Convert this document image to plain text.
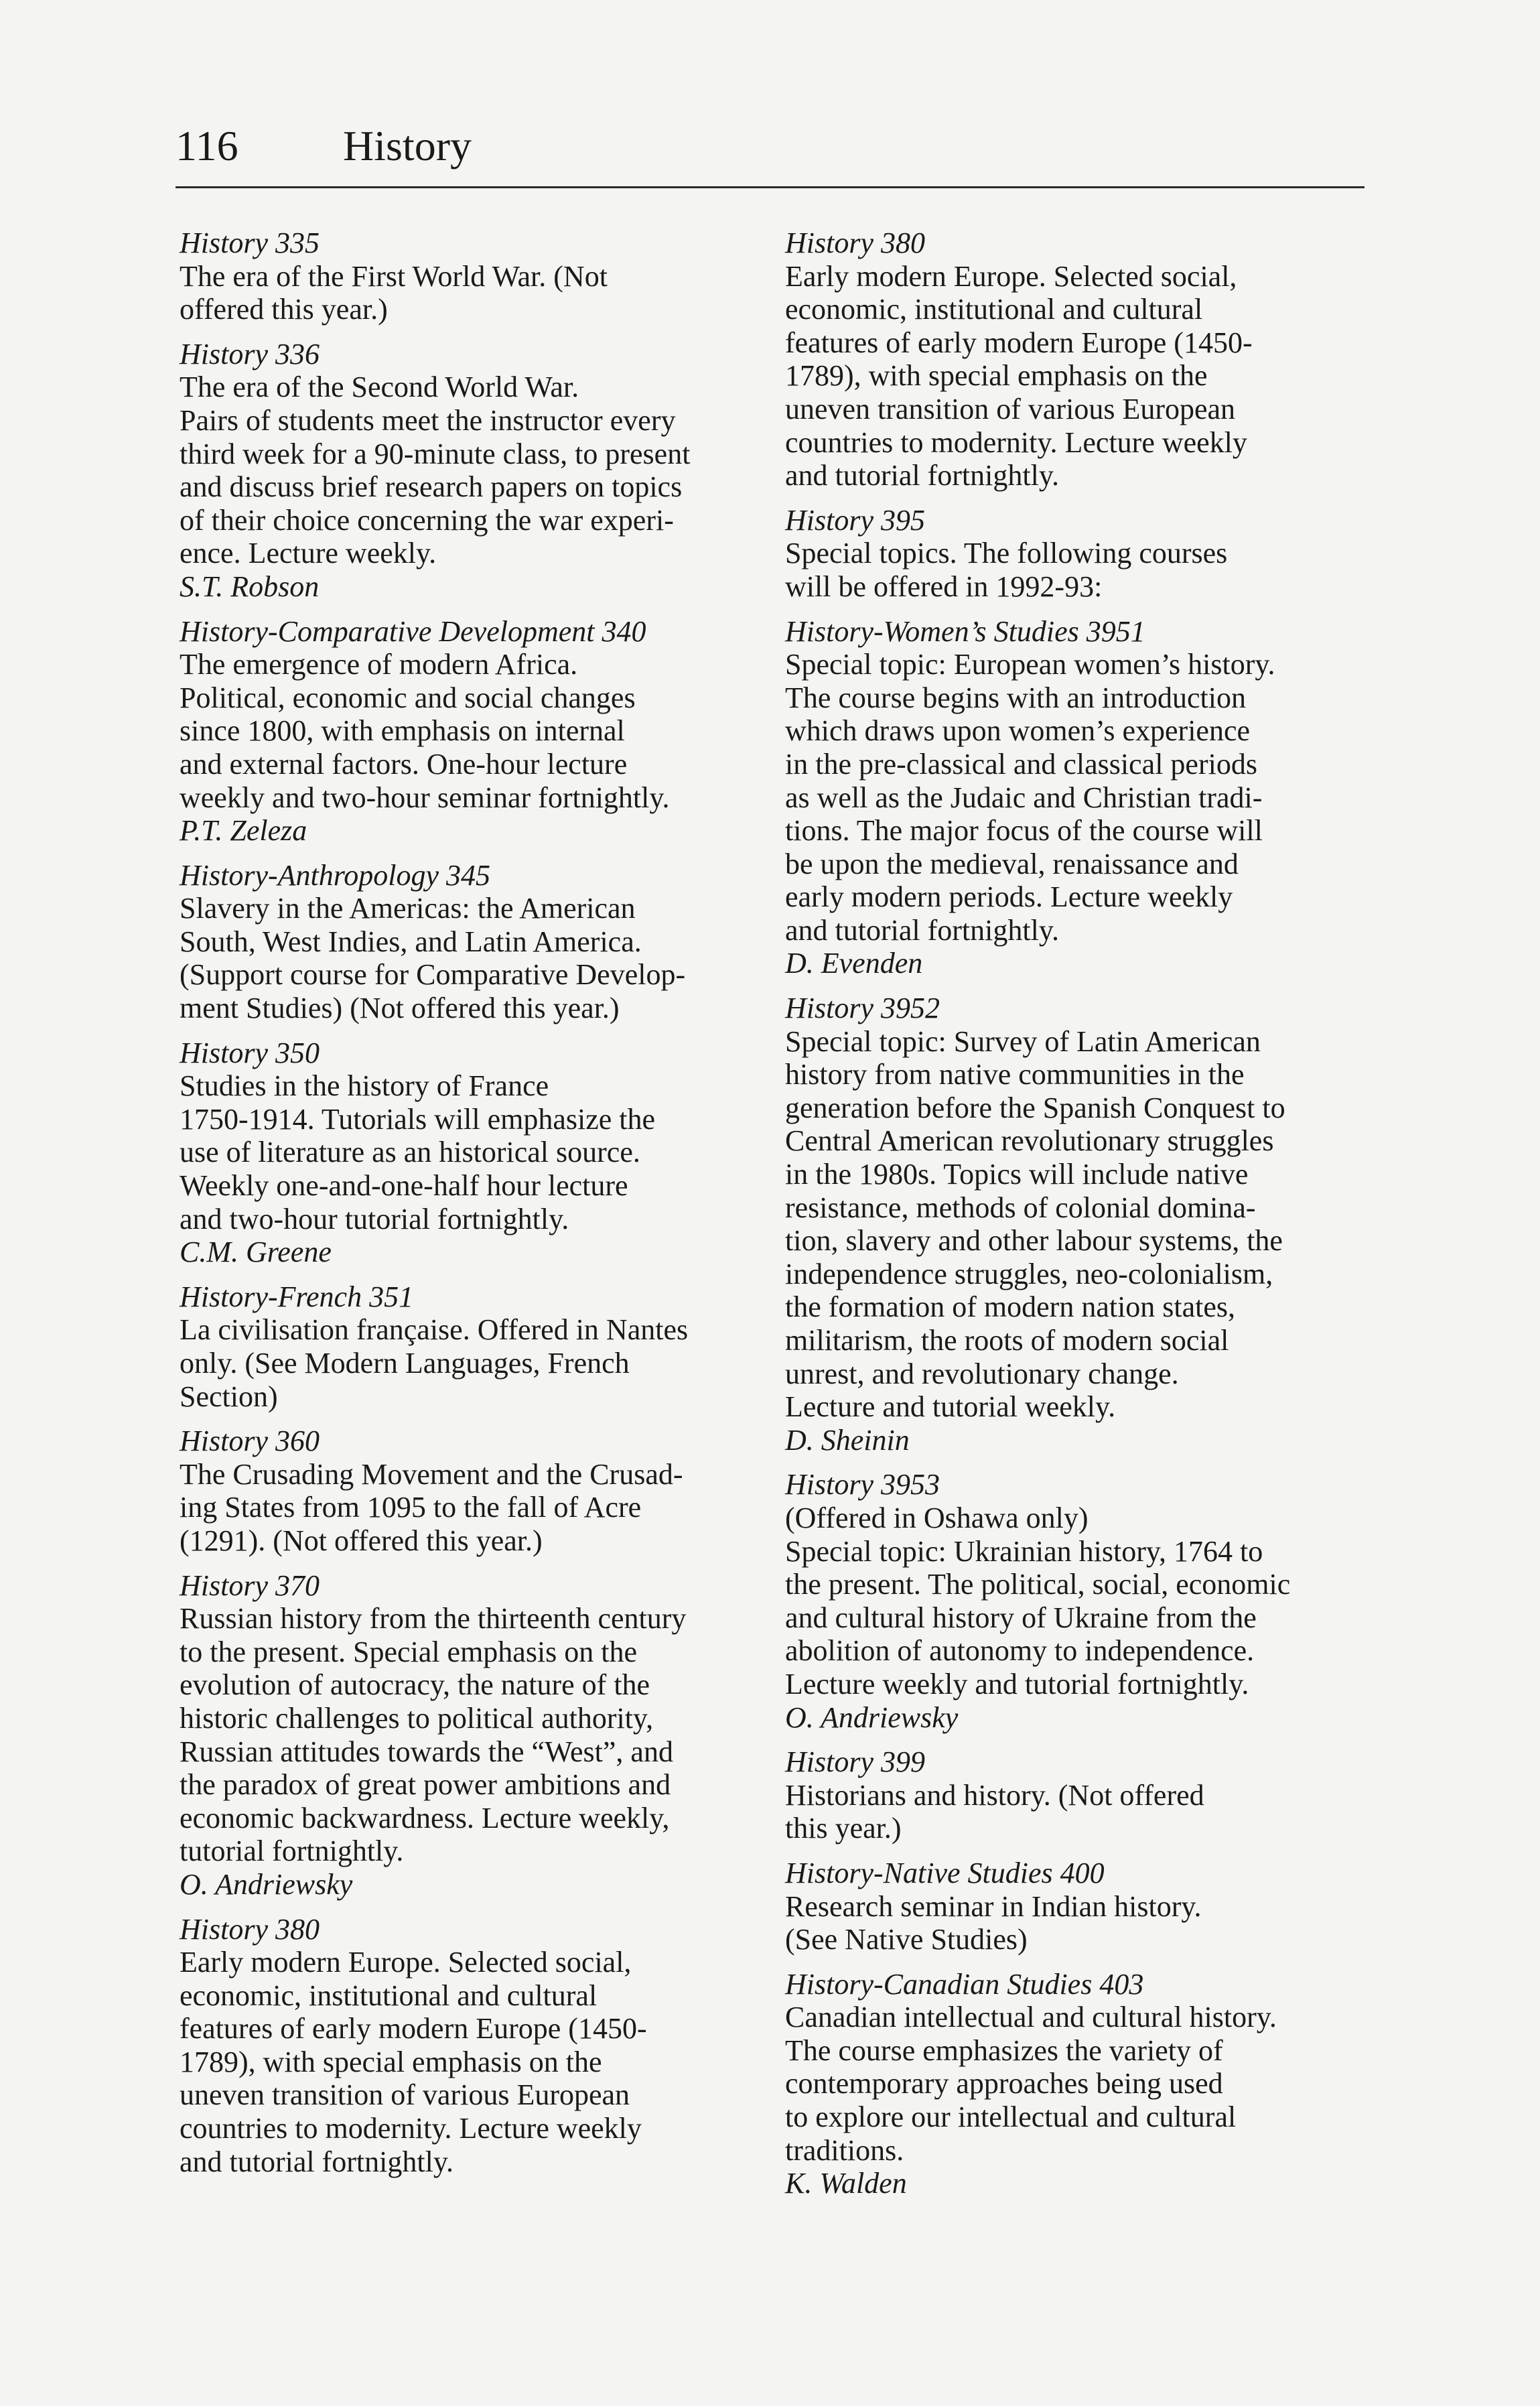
116 History
History 335
The era of the First World War. (Not
offered this year.)
History 336
The era of the Second World War.
Pairs of students meet the instructor every
third week for a 90-minute class, to present
and discuss brief research papers on topics
of their choice concerning the war experi-
ence. Lecture weekly.
S.T. Robson
History-Comparative Development 340
The emergence of modern Africa.
Political, economic and social changes
since 1800, with emphasis on internal
and external factors. One-hour lecture
weekly and two-hour seminar fortnightly.
P.T. Zeleza
History-Anthropology 345
Slavery in the Americas: the American
South, West Indies, and Latin America.
(Support course for Comparative Develop-
ment Studies) (Not offered this year.)
History 350
Studies in the history of France
1750-1914. Tutorials will emphasize the
use of literature as an historical source.
Weekly one-and-one-half hour lecture
and two-hour tutorial fortnightly.
C.M. Greene
History-French 351
La civilisation française. Offered in Nantes
only. (See Modern Languages, French
Section)
History 360
The Crusading Movement and the Crusad-
ing States from 1095 to the fall of Acre
(1291). (Not offered this year.)
History 370
Russian history from the thirteenth century
to the present. Special emphasis on the
evolution of autocracy, the nature of the
historic challenges to political authority,
Russian attitudes towards the “West”, and
the paradox of great power ambitions and
economic backwardness. Lecture weekly,
tutorial fortnightly.
O. Andriewsky
History 380
Early modern Europe. Selected social,
economic, institutional and cultural
features of early modern Europe (1450-
1789), with special emphasis on the
uneven transition of various European
countries to modernity. Lecture weekly
and tutorial fortnightly.
History 380
Early modern Europe. Selected social,
economic, institutional and cultural
features of early modern Europe (1450-
1789), with special emphasis on the
uneven transition of various European
countries to modernity. Lecture weekly
and tutorial fortnightly.
History 395
Special topics. The following courses
will be offered in 1992-93:
History-Women’s Studies 3951
Special topic: European women’s history.
The course begins with an introduction
which draws upon women’s experience
in the pre-classical and classical periods
as well as the Judaic and Christian tradi-
tions. The major focus of the course will
be upon the medieval, renaissance and
early modern periods. Lecture weekly
and tutorial fortnightly.
D. Evenden
History 3952
Special topic: Survey of Latin American
history from native communities in the
generation before the Spanish Conquest to
Central American revolutionary struggles
in the 1980s. Topics will include native
resistance, methods of colonial domina-
tion, slavery and other labour systems, the
independence struggles, neo-colonialism,
the formation of modern nation states,
militarism, the roots of modern social
unrest, and revolutionary change.
Lecture and tutorial weekly.
D. Sheinin
History 3953
(Offered in Oshawa only)
Special topic: Ukrainian history, 1764 to
the present. The political, social, economic
and cultural history of Ukraine from the
abolition of autonomy to independence.
Lecture weekly and tutorial fortnightly.
O. Andriewsky
History 399
Historians and history. (Not offered
this year.)
History-Native Studies 400
Research seminar in Indian history.
(See Native Studies)
History-Canadian Studies 403
Canadian intellectual and cultural history.
The course emphasizes the variety of
contemporary approaches being used
to explore our intellectual and cultural
traditions.
K. Walden
